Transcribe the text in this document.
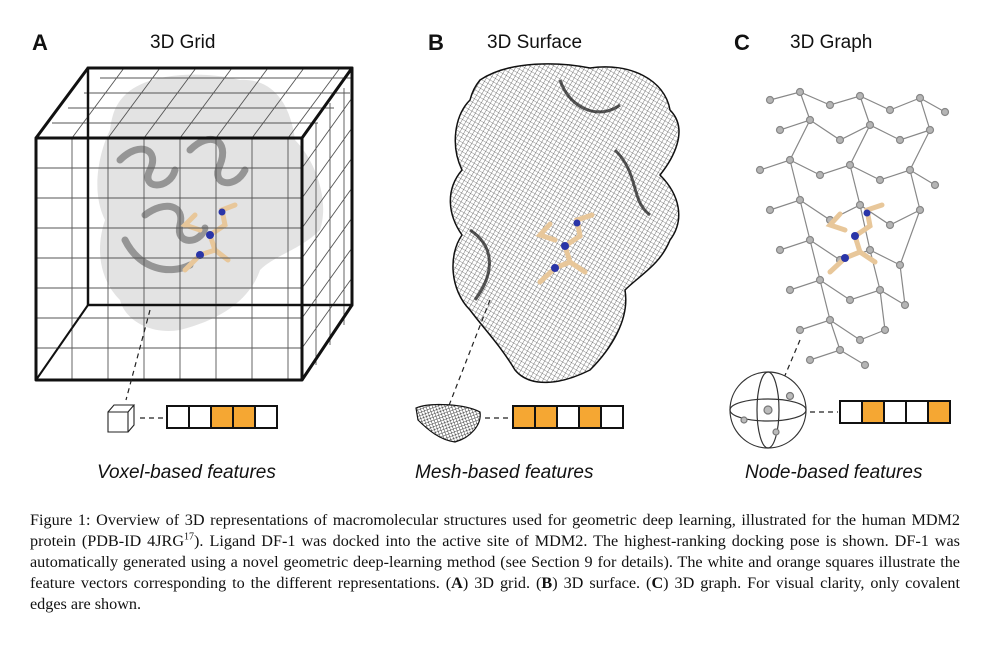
A	3D Grid	B 3D Surface	C 3D Graph
Voxel-based features	Mesh-based features	Node-based features
Figure 1: Overview of 3D representations of macromolecular structures used for geometric deep learning, illustrated for the human MDM2 protein (PDB-ID 4JRG$^{17}$). Ligand DF-1 was docked into the active site of MDM2. The highest-ranking docking pose is shown. DF-1 was automatically generated using a novel geometric deep-learning method (see Section 9 for details). The white and orange squares illustrate the feature vectors corresponding to the different representations. (A) 3D grid. (B) 3D surface. (C) 3D graph. For visual clarity, only covalent edges are shown.
